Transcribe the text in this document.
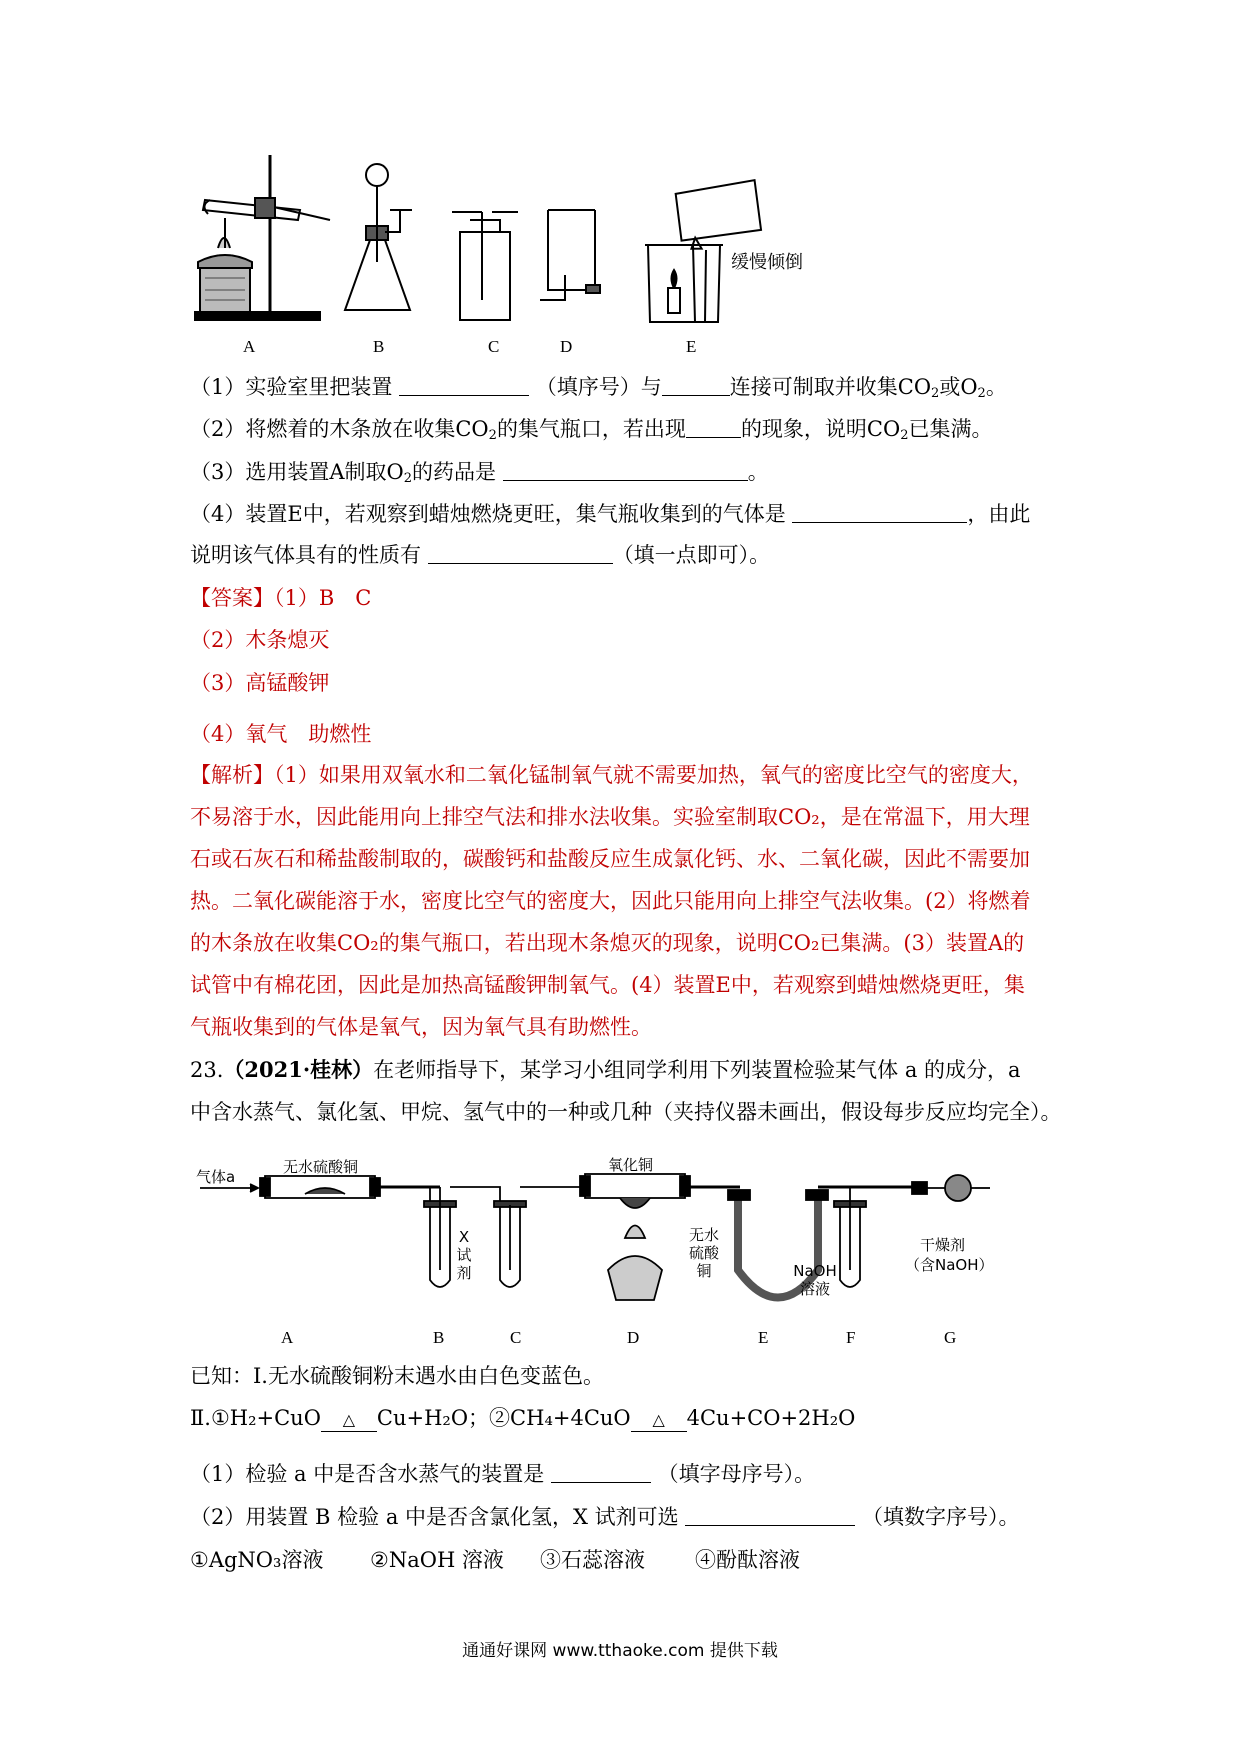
A	B	C	D	E
缓慢倾倒
（1）实验室里把装置	（填序号）与	连接可制取并收集$CO_2$或$O_2$。
（2）将燃着的木条放在收集$CO_2$的集气瓶口，若出现	的现象，说明$CO_2$已集满。
（3）选用装置A制取$O_2$的药品是	。
（4）装置E中，若观察到蜡烛燃烧更旺，集气瓶收集到的气体是	，由此
说明该气体具有的性质有	（填一点即可）。
【答案】（1）B　C
（2）木条熄灭
（3）高锰酸钾
（4）氧气　助燃性
【解析】（1）如果用双氧水和二氧化锰制氧气就不需要加热，氧气的密度比空气的密度大，
不易溶于水，因此能用向上排空气法和排水法收集。实验室制取CO₂，是在常温下，用大理
石或石灰石和稀盐酸制取的，碳酸钙和盐酸反应生成氯化钙、水、二氧化碳，因此不需要加
热。二氧化碳能溶于水，密度比空气的密度大，因此只能用向上排空气法收集。(2）将燃着
的木条放在收集CO₂的集气瓶口，若出现木条熄灭的现象，说明CO₂已集满。(3）装置A的
试管中有棉花团，因此是加热高锰酸钾制氧气。(4）装置E中，若观察到蜡烛燃烧更旺，集
气瓶收集到的气体是氧气，因为氧气具有助燃性。
23.（2021·桂林）在老师指导下，某学习小组同学利用下列装置检验某气体 a 的成分，a
中含水蒸气、氯化氢、甲烷、氢气中的一种或几种（夹持仪器未画出，假设每步反应均完全）。
气体a
无水硫酸铜	氧化铜
X试剂
无水硫酸铜	NaOH溶液
干燥剂
（含NaOH）
A	B	C	D	E	F	G
已知：Ⅰ.无水硫酸铜粉末遇水由白色变蓝色。
Ⅱ.①H₂+CuO △ Cu+H₂O；②CH₄+4CuO △ 4Cu+CO+2H₂O
（1）检验 a 中是否含水蒸气的装置是	（填字母序号）。
（2）用装置 B 检验 a 中是否含氯化氢，X 试剂可选	（填数字序号）。
①AgNO₃溶液 ②NaOH 溶液 ③石蕊溶液 ④酚酞溶液
通通好课网 www.tthaoke.com 提供下载
